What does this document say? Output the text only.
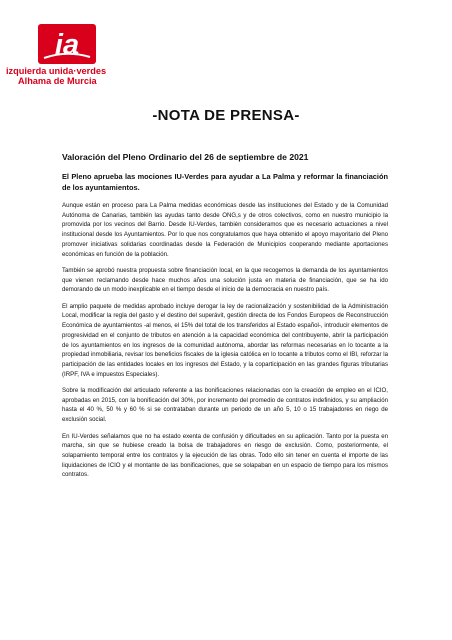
ia
izquierda unida·verdes
Alhama de Murcia
-NOTA DE PRENSA-

Valoración del Pleno Ordinario del 26 de septiembre de 2021

El Pleno aprueba las mociones IU-Verdes para ayudar a La Palma y reformar la financiación de los ayuntamientos.

Aunque están en proceso para La Palma medidas económicas desde las instituciones del Estado y de la Comunidad Autónoma de Canarias, también las ayudas tanto desde ONG,s y de otros colectivos, como en nuestro municipio la promovida por los vecinos del Barrio. Desde IU-Verdes, también consideramos que es necesario actuaciones a nivel institucional desde los Ayuntamientos. Por lo que nos congratulamos que haya obtenido el apoyo mayoritario del Pleno promover iniciativas solidarias coordinadas desde la Federación de Municipios cooperando mediante aportaciones económicas en función de la población.

También se aprobó nuestra propuesta sobre financiación local, en la que recogemos la demanda de los ayuntamientos que vienen reclamando desde hace muchos años una solución justa en materia de financiación, que se ha ido demorando de un modo inexplicable en el tiempo desde el inicio de la democracia en nuestro país.

El amplio paquete de medidas aprobado incluye derogar la ley de racionalización y sostenibilidad de la Administración Local, modificar la regla del gasto y el destino del superávit, gestión directa de los Fondos Europeos de Reconstrucción Económica de ayuntamientos -al menos, el 15% del total de los transferidos al Estado español-, introducir elementos de progresividad en el conjunto de tributos en atención a la capacidad económica del contribuyente, abrir la participación de los ayuntamientos en los ingresos de la comunidad autónoma, abordar las reformas necesarias en lo tocante a la propiedad inmobiliaria, revisar los beneficios fiscales de la iglesia católica en lo tocante a tributos como el IBI, reforzar la participación de las entidades locales en los ingresos del Estado, y la coparticipación en las grandes figuras tributarias (IRPF, IVA e impuestos Especiales).

Sobre la modificación del articulado referente a las bonificaciones relacionadas con la creación de empleo en el ICIO, aprobadas en 2015, con la bonificación del 30%, por incremento del promedio de contratos indefinidos, y su ampliación hasta el 40 %, 50 % y 60 % si se contrataban durante un periodo de un año 5, 10 o 15 trabajadores en riego de exclusión social.

En IU-Verdes señalamos que no ha estado exenta de confusión y dificultades en su aplicación. Tanto por la puesta en marcha, sin que se hubiese creado la bolsa de trabajadores en riesgo de exclusión. Como, posteriormente, el solapamiento temporal entre los contratos y la ejecución de las obras. Todo ello sin tener en cuenta el importe de las liquidaciones de ICIO y el montante de las bonificaciones, que se solapaban en un espacio de tiempo para los mismos contratos.
